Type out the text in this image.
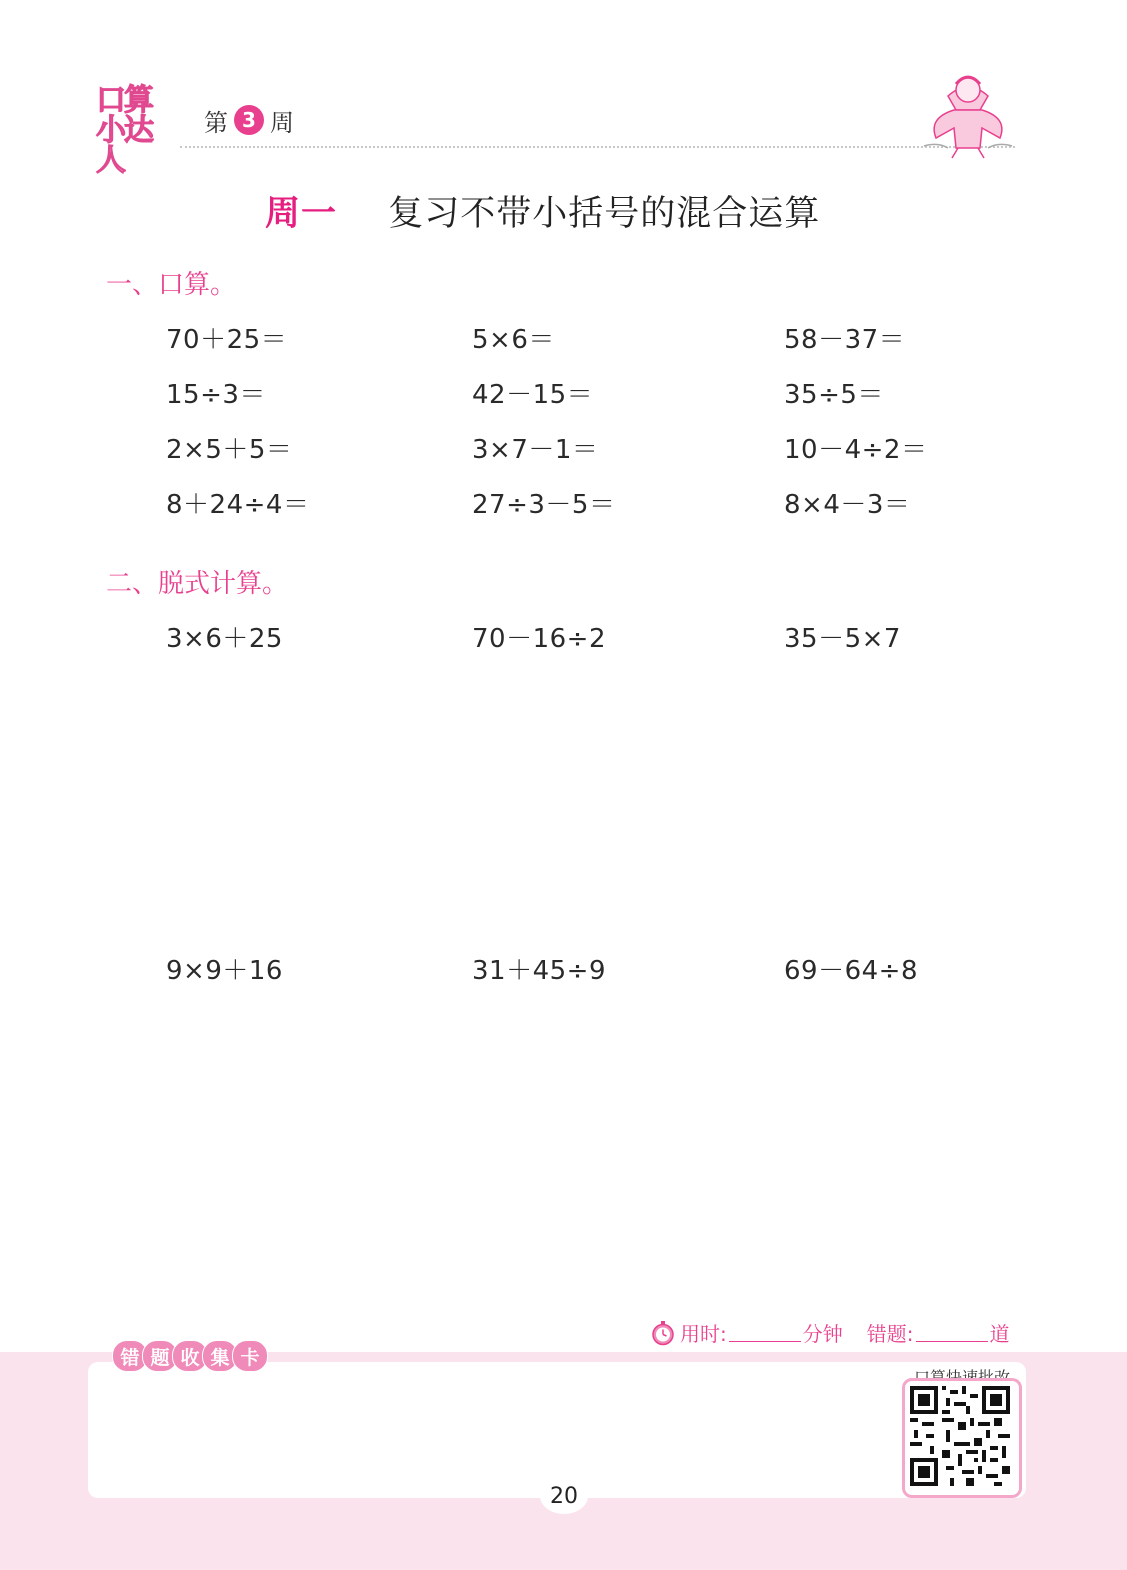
口算
小达人
第 3 周
周一 复习不带小括号的混合运算
一、口算。
70＋25＝	5×6＝	58－37＝
15÷3＝	42－15＝	35÷5＝
2×5＋5＝	3×7－1＝	10－4÷2＝
8＋24÷4＝	27÷3－5＝	8×4－3＝
二、脱式计算。
3×6＋25	70－16÷2	35－5×7
9×9＋16	31＋45÷9	69－64÷8
用时:	分钟 错题:	道
错 题 收 集 卡
20
